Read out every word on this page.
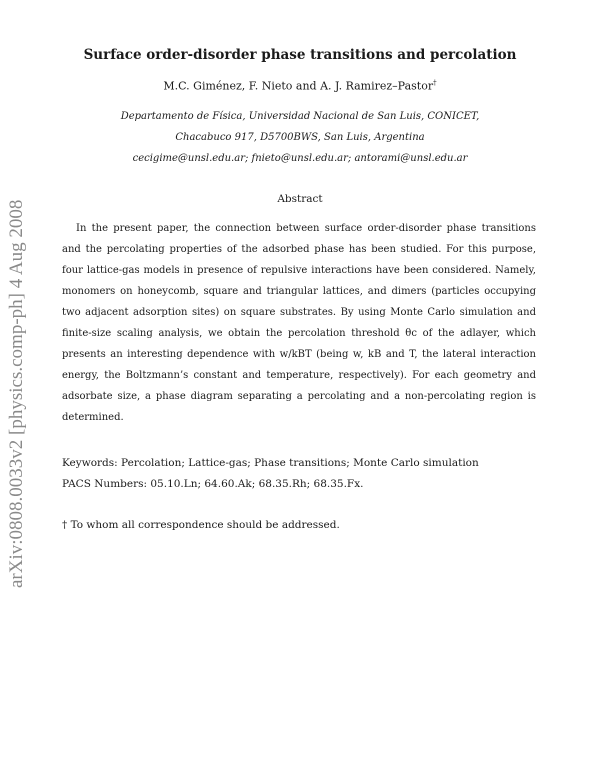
arXiv:0808.0033v2 [physics.comp-ph] 4 Aug 2008
Surface order-disorder phase transitions and percolation
M.C. Giménez, F. Nieto and A. J. Ramirez–Pastor†
Departamento de Física, Universidad Nacional de San Luis, CONICET,
Chacabuco 917, D5700BWS, San Luis, Argentina
cecigime@unsl.edu.ar; fnieto@unsl.edu.ar; antorami@unsl.edu.ar
Abstract
In the present paper, the connection between surface order-disorder phase transitions
and the percolating properties of the adsorbed phase has been studied. For this purpose,
four lattice-gas models in presence of repulsive interactions have been considered. Namely,
monomers on honeycomb, square and triangular lattices, and dimers (particles occupying
two adjacent adsorption sites) on square substrates. By using Monte Carlo simulation and
finite-size scaling analysis, we obtain the percolation threshold θc of the adlayer, which
presents an interesting dependence with w/kBT (being w, kB and T, the lateral interaction
energy, the Boltzmann’s constant and temperature, respectively). For each geometry and
adsorbate size, a phase diagram separating a percolating and a non-percolating region is
determined.
Keywords: Percolation; Lattice-gas; Phase transitions; Monte Carlo simulation
PACS Numbers: 05.10.Ln; 64.60.Ak; 68.35.Rh; 68.35.Fx.
† To whom all correspondence should be addressed.
